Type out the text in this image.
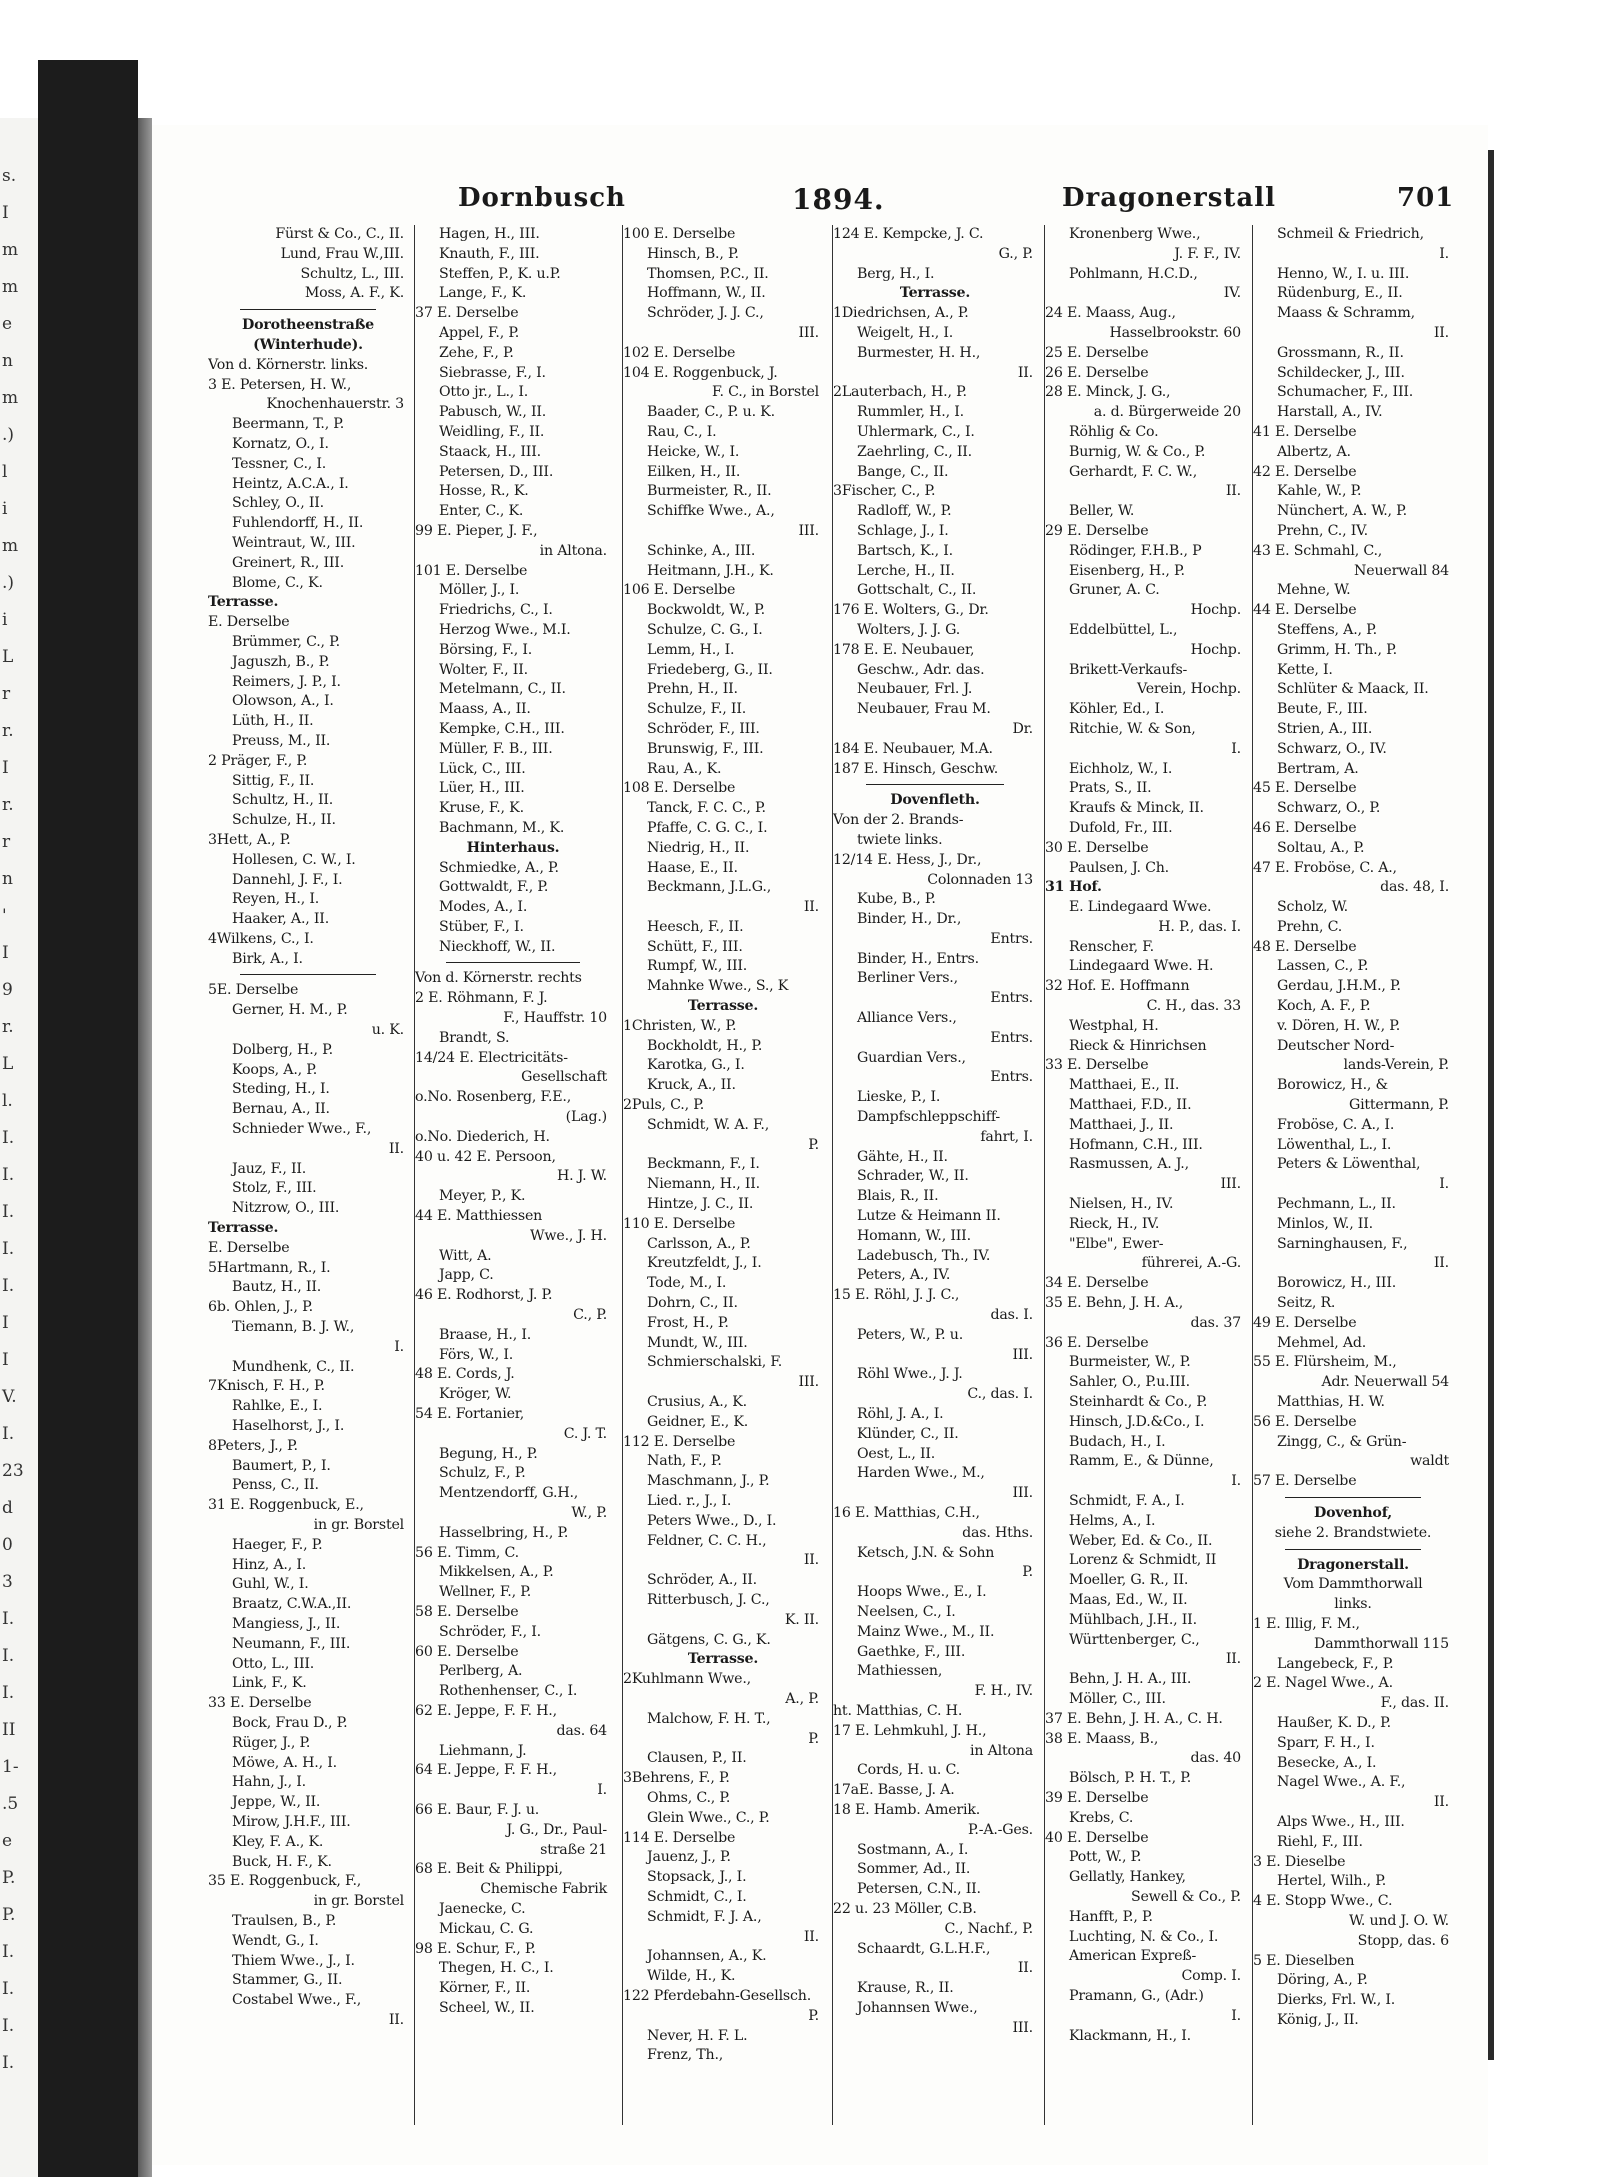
s.
I
m
m
e
n
m
.)
l
i
m
.)
i
L
r
r.
I
r.
r
n
'
I
9
r.
L
l.
I.
I.
I.
I.
I.
I
I
V.
I.
23
d
0
3
I.
I.
I.
II
1-
.5
e
P.
P.
I.
I.
I.
I.
Dornbusch	1894.	Dragonerstall	701
Fürst & Co., C., II.
Lund, Frau W.,III.
Schultz, L., III.
Moss, A. F., K.
Dorotheenstraße
(Winterhude).
Von d. Körnerstr. links.
3 E. Petersen, H. W.,
Knochenhauerstr. 3
Beermann, T., P.
Kornatz, O., I.
Tessner, C., I.
Heintz, A.C.A., I.
Schley, O., II.
Fuhlendorff, H., II.
Weintraut, W., III.
Greinert, R., III.
Blome, C., K.
Terrasse.
E. Derselbe
Brümmer, C., P.
Jaguszh, B., P.
Reimers, J. P., I.
Olowson, A., I.
Lüth, H., II.
Preuss, M., II.
2 Präger, F., P.
Sittig, F., II.
Schultz, H., II.
Schulze, H., II.
3Hett, A., P.
Hollesen, C. W., I.
Dannehl, J. F., I.
Reyen, H., I.
Haaker, A., II.
4Wilkens, C., I.
Birk, A., I.
5E. Derselbe
Gerner, H. M., P.
u. K.
Dolberg, H., P.
Koops, A., P.
Steding, H., I.
Bernau, A., II.
Schnieder Wwe., F.,
II.
Jauz, F., II.
Stolz, F., III.
Nitzrow, O., III.
Terrasse.
E. Derselbe
5Hartmann, R., I.
Bautz, H., II.
6b. Ohlen, J., P.
Tiemann, B. J. W.,
I.
Mundhenk, C., II.
7Knisch, F. H., P.
Rahlke, E., I.
Haselhorst, J., I.
8Peters, J., P.
Baumert, P., I.
Penss, C., II.
31 E. Roggenbuck, E.,
in gr. Borstel
Haeger, F., P.
Hinz, A., I.
Guhl, W., I.
Braatz, C.W.A.,II.
Mangiess, J., II.
Neumann, F., III.
Otto, L., III.
Link, F., K.
33 E. Derselbe
Bock, Frau D., P.
Rüger, J., P.
Möwe, A. H., I.
Hahn, J., I.
Jeppe, W., II.
Mirow, J.H.F., III.
Kley, F. A., K.
Buck, H. F., K.
35 E. Roggenbuck, F.,
in gr. Borstel
Traulsen, B., P.
Wendt, G., I.
Thiem Wwe., J., I.
Stammer, G., II.
Costabel Wwe., F.,
II.
Hagen, H., III.
Knauth, F., III.
Steffen, P., K. u.P.
Lange, F., K.
37 E. Derselbe
Appel, F., P.
Zehe, F., P.
Siebrasse, F., I.
Otto jr., L., I.
Pabusch, W., II.
Weidling, F., II.
Staack, H., III.
Petersen, D., III.
Hosse, R., K.
Enter, C., K.
99 E. Pieper, J. F.,
in Altona.
101 E. Derselbe
Möller, J., I.
Friedrichs, C., I.
Herzog Wwe., M.I.
Börsing, F., I.
Wolter, F., II.
Metelmann, C., II.
Maass, A., II.
Kempke, C.H., III.
Müller, F. B., III.
Lück, C., III.
Lüer, H., III.
Kruse, F., K.
Bachmann, M., K.
Hinterhaus.
Schmiedke, A., P.
Gottwaldt, F., P.
Modes, A., I.
Stüber, F., I.
Nieckhoff, W., II.
Von d. Körnerstr. rechts
2 E. Röhmann, F. J.
F., Hauffstr. 10
Brandt, S.
14/24 E. Electricitäts-
Gesellschaft
o.No. Rosenberg, F.E.,
(Lag.)
o.No. Diederich, H.
40 u. 42 E. Persoon,
H. J. W.
Meyer, P., K.
44 E. Matthiessen
Wwe., J. H.
Witt, A.
Japp, C.
46 E. Rodhorst, J. P.
C., P.
Braase, H., I.
Förs, W., I.
48 E. Cords, J.
Kröger, W.
54 E. Fortanier,
C. J. T.
Begung, H., P.
Schulz, F., P.
Mentzendorff, G.H.,
W., P.
Hasselbring, H., P.
56 E. Timm, C.
Mikkelsen, A., P.
Wellner, F., P.
58 E. Derselbe
Schröder, F., I.
60 E. Derselbe
Perlberg, A.
Rothenhenser, C., I.
62 E. Jeppe, F. F. H.,
das. 64
Liehmann, J.
64 E. Jeppe, F. F. H.,
I.
66 E. Baur, F. J. u.
J. G., Dr., Paul-
straße 21
68 E. Beit & Philippi,
Chemische Fabrik
Jaenecke, C.
Mickau, C. G.
98 E. Schur, F., P.
Thegen, H. C., I.
Körner, F., II.
Scheel, W., II.
100 E. Derselbe
Hinsch, B., P.
Thomsen, P.C., II.
Hoffmann, W., II.
Schröder, J. J. C.,
III.
102 E. Derselbe
104 E. Roggenbuck, J.
F. C., in Borstel
Baader, C., P. u. K.
Rau, C., I.
Heicke, W., I.
Eilken, H., II.
Burmeister, R., II.
Schiffke Wwe., A.,
III.
Schinke, A., III.
Heitmann, J.H., K.
106 E. Derselbe
Bockwoldt, W., P.
Schulze, C. G., I.
Lemm, H., I.
Friedeberg, G., II.
Prehn, H., II.
Schulze, F., II.
Schröder, F., III.
Brunswig, F., III.
Rau, A., K.
108 E. Derselbe
Tanck, F. C. C., P.
Pfaffe, C. G. C., I.
Niedrig, H., II.
Haase, E., II.
Beckmann, J.L.G.,
II.
Heesch, F., II.
Schütt, F., III.
Rumpf, W., III.
Mahnke Wwe., S., K
Terrasse.
1Christen, W., P.
Bockholdt, H., P.
Karotka, G., I.
Kruck, A., II.
2Puls, C., P.
Schmidt, W. A. F.,
P.
Beckmann, F., I.
Niemann, H., II.
Hintze, J. C., II.
110 E. Derselbe
Carlsson, A., P.
Kreutzfeldt, J., I.
Tode, M., I.
Dohrn, C., II.
Frost, H., P.
Mundt, W., III.
Schmierschalski, F.
III.
Crusius, A., K.
Geidner, E., K.
112 E. Derselbe
Nath, F., P.
Maschmann, J., P.
Lied. r., J., I.
Peters Wwe., D., I.
Feldner, C. C. H.,
II.
Schröder, A., II.
Ritterbusch, J. C.,
K. II.
Gätgens, C. G., K.
Terrasse.
2Kuhlmann Wwe.,
A., P.
Malchow, F. H. T.,
P.
Clausen, P., II.
3Behrens, F., P.
Ohms, C., P.
Glein Wwe., C., P.
114 E. Derselbe
Jauenz, J., P.
Stopsack, J., I.
Schmidt, C., I.
Schmidt, F. J. A.,
II.
Johannsen, A., K.
Wilde, H., K.
122 Pferdebahn-Gesellsch.
P.
Never, H. F. L.
Frenz, Th.,
124 E. Kempcke, J. C.
G., P.
Berg, H., I.
Terrasse.
1Diedrichsen, A., P.
Weigelt, H., I.
Burmester, H. H.,
II.
2Lauterbach, H., P.
Rummler, H., I.
Uhlermark, C., I.
Zaehrling, C., II.
Bange, C., II.
3Fischer, C., P.
Radloff, W., P.
Schlage, J., I.
Bartsch, K., I.
Lerche, H., II.
Gottschalt, C., II.
176 E. Wolters, G., Dr.
Wolters, J. J. G.
178 E. E. Neubauer,
Geschw., Adr. das.
Neubauer, Frl. J.
Neubauer, Frau M.
Dr.
184 E. Neubauer, M.A.
187 E. Hinsch, Geschw.
Dovenfleth.
Von der 2. Brands-
twiete links.
12/14 E. Hess, J., Dr.,
Colonnaden 13
Kube, B., P.
Binder, H., Dr.,
Entrs.
Binder, H., Entrs.
Berliner Vers.,
Entrs.
Alliance Vers.,
Entrs.
Guardian Vers.,
Entrs.
Lieske, P., I.
Dampfschleppschiff-
fahrt, I.
Gähte, H., II.
Schrader, W., II.
Blais, R., II.
Lutze & Heimann II.
Homann, W., III.
Ladebusch, Th., IV.
Peters, A., IV.
15 E. Röhl, J. J. C.,
das. I.
Peters, W., P. u.
III.
Röhl Wwe., J. J.
C., das. I.
Röhl, J. A., I.
Klünder, C., II.
Oest, L., II.
Harden Wwe., M.,
III.
16 E. Matthias, C.H.,
das. Hths.
Ketsch, J.N. & Sohn
P.
Hoops Wwe., E., I.
Neelsen, C., I.
Mainz Wwe., M., II.
Gaethke, F., III.
Mathiessen,
F. H., IV.
ht. Matthias, C. H.
17 E. Lehmkuhl, J. H.,
in Altona
Cords, H. u. C.
17aE. Basse, J. A.
18 E. Hamb. Amerik.
P.-A.-Ges.
Sostmann, A., I.
Sommer, Ad., II.
Petersen, C.N., II.
22 u. 23 Möller, C.B.
C., Nachf., P.
Schaardt, G.L.H.F.,
II.
Krause, R., II.
Johannsen Wwe.,
III.
Kronenberg Wwe.,
J. F. F., IV.
Pohlmann, H.C.D.,
IV.
24 E. Maass, Aug.,
Hasselbrookstr. 60
25 E. Derselbe
26 E. Derselbe
28 E. Minck, J. G.,
a. d. Bürgerweide 20
Röhlig & Co.
Burnig, W. & Co., P.
Gerhardt, F. C. W.,
II.
Beller, W.
29 E. Derselbe
Rödinger, F.H.B., P
Eisenberg, H., P.
Gruner, A. C.
Hochp.
Eddelbüttel, L.,
Hochp.
Brikett-Verkaufs-
Verein, Hochp.
Köhler, Ed., I.
Ritchie, W. & Son,
I.
Eichholz, W., I.
Prats, S., II.
Kraufs & Minck, II.
Dufold, Fr., III.
30 E. Derselbe
Paulsen, J. Ch.
31 Hof.
E. Lindegaard Wwe.
H. P., das. I.
Renscher, F.
Lindegaard Wwe. H.
32 Hof. E. Hoffmann
C. H., das. 33
Westphal, H.
Rieck & Hinrichsen
33 E. Derselbe
Matthaei, E., II.
Matthaei, F.D., II.
Matthaei, J., II.
Hofmann, C.H., III.
Rasmussen, A. J.,
III.
Nielsen, H., IV.
Rieck, H., IV.
"Elbe", Ewer-
führerei, A.-G.
34 E. Derselbe
35 E. Behn, J. H. A.,
das. 37
36 E. Derselbe
Burmeister, W., P.
Sahler, O., P.u.III.
Steinhardt & Co., P.
Hinsch, J.D.&Co., I.
Budach, H., I.
Ramm, E., & Dünne,
I.
Schmidt, F. A., I.
Helms, A., I.
Weber, Ed. & Co., II.
Lorenz & Schmidt, II
Moeller, G. R., II.
Maas, Ed., W., II.
Mühlbach, J.H., II.
Württenberger, C.,
II.
Behn, J. H. A., III.
Möller, C., III.
37 E. Behn, J. H. A., C. H.
38 E. Maass, B.,
das. 40
Bölsch, P. H. T., P.
39 E. Derselbe
Krebs, C.
40 E. Derselbe
Pott, W., P.
Gellatly, Hankey,
Sewell & Co., P.
Hanfft, P., P.
Luchting, N. & Co., I.
American Expreß-
Comp. I.
Pramann, G., (Adr.)
I.
Klackmann, H., I.
Schmeil & Friedrich,
I.
Henno, W., I. u. III.
Rüdenburg, E., II.
Maass & Schramm,
II.
Grossmann, R., II.
Schildecker, J., III.
Schumacher, F., III.
Harstall, A., IV.
41 E. Derselbe
Albertz, A.
42 E. Derselbe
Kahle, W., P.
Nünchert, A. W., P.
Prehn, C., IV.
43 E. Schmahl, C.,
Neuerwall 84
Mehne, W.
44 E. Derselbe
Steffens, A., P.
Grimm, H. Th., P.
Kette, I.
Schlüter & Maack, II.
Beute, F., III.
Strien, A., III.
Schwarz, O., IV.
Bertram, A.
45 E. Derselbe
Schwarz, O., P.
46 E. Derselbe
Soltau, A., P.
47 E. Froböse, C. A.,
das. 48, I.
Scholz, W.
Prehn, C.
48 E. Derselbe
Lassen, C., P.
Gerdau, J.H.M., P.
Koch, A. F., P.
v. Dören, H. W., P.
Deutscher Nord-
lands-Verein, P.
Borowicz, H., &
Gittermann, P.
Froböse, C. A., I.
Löwenthal, L., I.
Peters & Löwenthal,
I.
Pechmann, L., II.
Minlos, W., II.
Sarninghausen, F.,
II.
Borowicz, H., III.
Seitz, R.
49 E. Derselbe
Mehmel, Ad.
55 E. Flürsheim, M.,
Adr. Neuerwall 54
Matthias, H. W.
56 E. Derselbe
Zingg, C., & Grün-
waldt
57 E. Derselbe
Dovenhof,
siehe 2. Brandstwiete.
Dragonerstall.
Vom Dammthorwall
links.
1 E. Illig, F. M.,
Dammthorwall 115
Langebeck, F., P.
2 E. Nagel Wwe., A.
F., das. II.
Haußer, K. D., P.
Sparr, F. H., I.
Besecke, A., I.
Nagel Wwe., A. F.,
II.
Alps Wwe., H., III.
Riehl, F., III.
3 E. Dieselbe
Hertel, Wilh., P.
4 E. Stopp Wwe., C.
W. und J. O. W.
Stopp, das. 6
5 E. Dieselben
Döring, A., P.
Dierks, Frl. W., I.
König, J., II.
